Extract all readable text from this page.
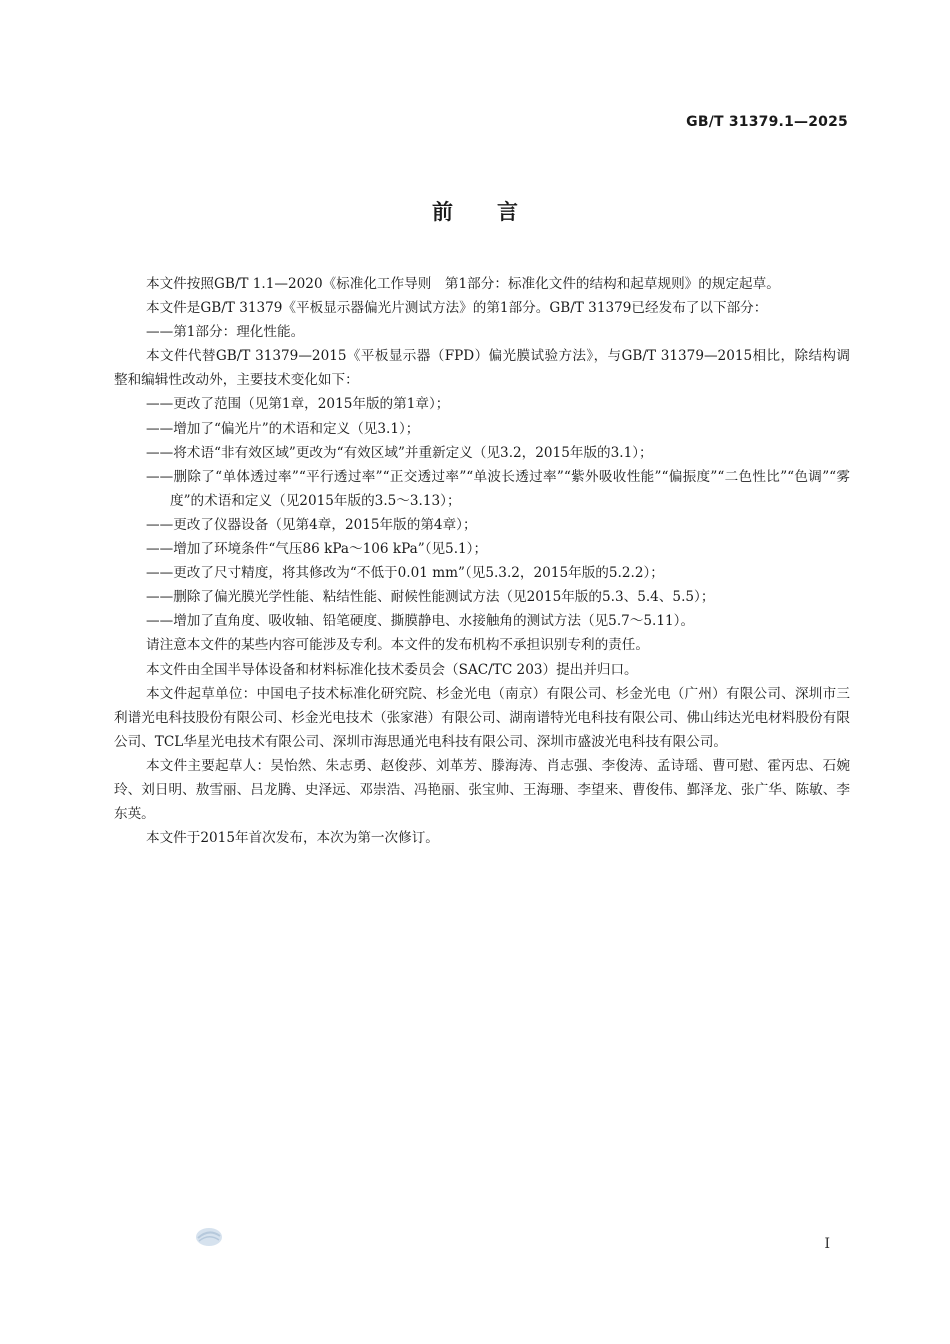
GB/T 31379.1—2025
前言

本文件按照GB/T 1.1—2020《标准化工作导则　第1部分：标准化文件的结构和起草规则》的规定起草。

本文件是GB/T 31379《平板显示器偏光片测试方法》的第1部分。GB/T 31379已经发布了以下部分：

——第1部分：理化性能。

本文件代替GB/T 31379—2015《平板显示器（FPD）偏光膜试验方法》，与GB/T 31379—2015相比，除结构调整和编辑性改动外，主要技术变化如下：

——更改了范围（见第1章，2015年版的第1章）；

——增加了“偏光片”的术语和定义（见3.1）；

——将术语“非有效区域”更改为“有效区域”并重新定义（见3.2，2015年版的3.1）；

——删除了“单体透过率”“平行透过率”“正交透过率”“单波长透过率”“紫外吸收性能”“偏振度”“二色性比”“色调”“雾度”的术语和定义（见2015年版的3.5～3.13）；

——更改了仪器设备（见第4章，2015年版的第4章）；

——增加了环境条件“气压86 kPa～106 kPa”（见5.1）；

——更改了尺寸精度，将其修改为“不低于0.01 mm”（见5.3.2，2015年版的5.2.2）；

——删除了偏光膜光学性能、粘结性能、耐候性能测试方法（见2015年版的5.3、5.4、5.5）；

——增加了直角度、吸收轴、铅笔硬度、撕膜静电、水接触角的测试方法（见5.7～5.11）。

请注意本文件的某些内容可能涉及专利。本文件的发布机构不承担识别专利的责任。

本文件由全国半导体设备和材料标准化技术委员会（SAC/TC 203）提出并归口。

本文件起草单位：中国电子技术标准化研究院、杉金光电（南京）有限公司、杉金光电（广州）有限公司、深圳市三利谱光电科技股份有限公司、杉金光电技术（张家港）有限公司、湖南谱特光电科技有限公司、佛山纬达光电材料股份有限公司、TCL华星光电技术有限公司、深圳市海思通光电科技有限公司、深圳市盛波光电科技有限公司。

本文件主要起草人：吴怡然、朱志勇、赵俊莎、刘革芳、滕海涛、肖志强、李俊涛、孟诗瑶、曹可慰、霍丙忠、石婉玲、刘日明、敖雪丽、吕龙腾、史泽远、邓崇浩、冯艳丽、张宝帅、王海珊、李望来、曹俊伟、鄞泽龙、张广华、陈敏、李东英。

本文件于2015年首次发布，本次为第一次修订。

I
